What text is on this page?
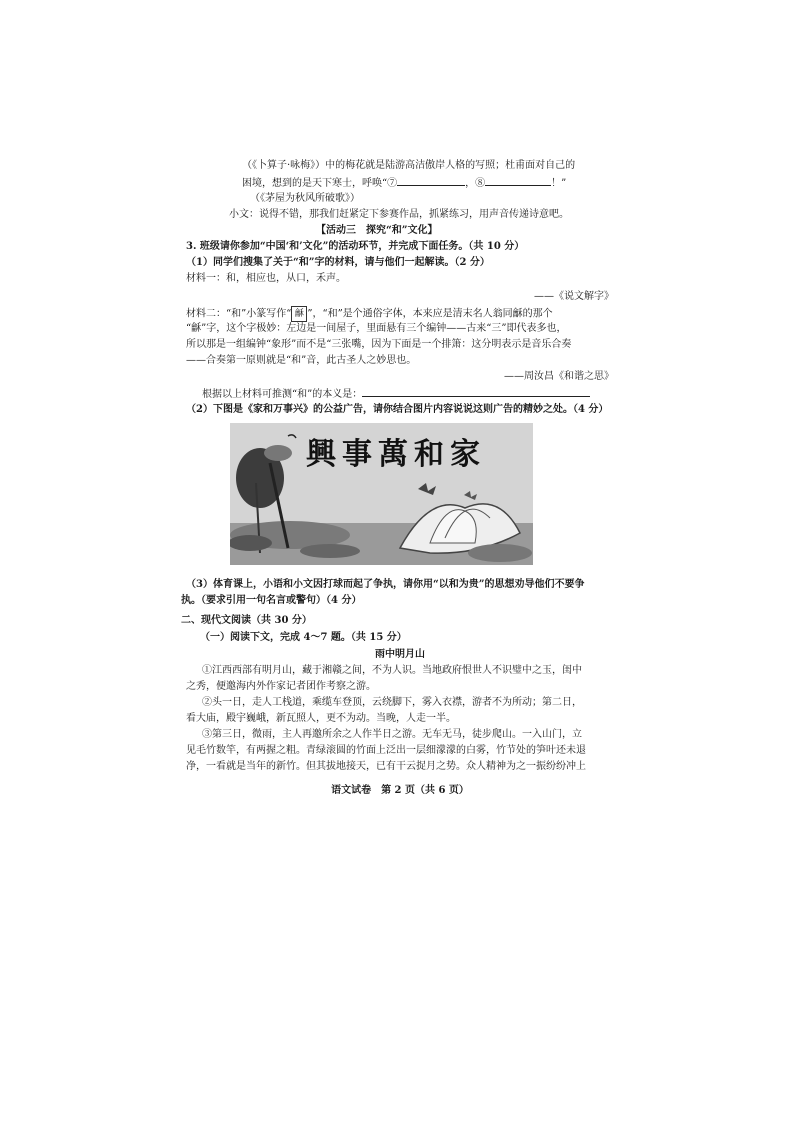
（《卜算子·咏梅》）中的梅花就是陆游高洁傲岸人格的写照；杜甫面对自己的
困境，想到的是天下寒士，呼唤“⑦	，⑧	！”
（《茅屋为秋风所破歌》）
小文：说得不错，那我们赶紧定下参赛作品，抓紧练习，用声音传递诗意吧。
【活动三　探究“和”文化】
3. 班级请你参加“中国‘和’文化”的活动环节，并完成下面任务。（共 10 分）
（1）同学们搜集了关于“和”字的材料，请与他们一起解读。（2 分）
材料一：和，相应也，从口，禾声。
——《说文解字》
材料二：“和”小篆写作“ 龢 ”，“和”是个通俗字体，本来应是清末名人翁同龢的那个
“龢”字，这个字极妙：左边是一间屋子，里面悬有三个编钟——古来“三”即代表多也，
所以那是一组编钟“象形”而不是“三张嘴，因为下面是一个排箫：这分明表示是音乐合奏
——合奏第一原则就是“和”音，此古圣人之妙思也。
——周汝昌《和谐之思》
根据以上材料可推测“和”的本义是：
（2）下图是《家和万事兴》的公益广告，请你结合图片内容说说这则广告的精妙之处。（4 分）
興事萬和家
（3）体育课上，小语和小文因打球而起了争执，请你用“以和为贵”的思想劝导他们不要争
执。（要求引用一句名言或警句）（4 分）
二、现代文阅读（共 30 分）
（一）阅读下文，完成 4～7 题。（共 15 分）
雨中明月山
①江西西部有明月山，藏于湘赣之间，不为人识。当地政府恨世人不识璧中之玉，闺中
之秀，便邀海内外作家记者团作考察之游。
②头一日，走人工栈道，乘缆车登顶，云绕脚下，雾入衣襟，游者不为所动；第二日，
看大庙，殿宇巍峨，新瓦照人，更不为动。当晚，人走一半。
③第三日，微雨，主人再邀所余之人作半日之游。无车无马，徒步爬山。一入山门，立
见毛竹数竿，有两握之粗。青绿滚圆的竹面上泛出一层细濛濛的白雾，竹节处的笋叶还未退
净，一看就是当年的新竹。但其拔地接天，已有干云捉月之势。众人精神为之一振纷纷冲上
语文试卷　第 2 页（共 6 页）
